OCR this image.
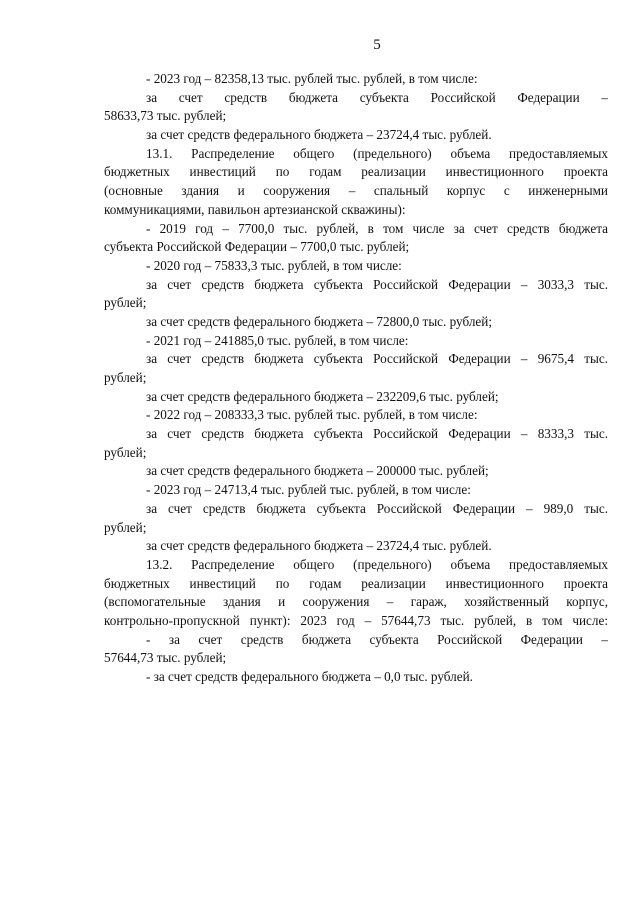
5
- 2023 год – 82358,13 тыс. рублей тыс. рублей, в том числе:
за счет средств бюджета субъекта Российской Федерации –
58633,73 тыс. рублей;
за счет средств федерального бюджета – 23724,4 тыс. рублей.
13.1. Распределение общего (предельного) объема предоставляемых
бюджетных инвестиций по годам реализации инвестиционного проекта
(основные здания и сооружения – спальный корпус с инженерными
коммуникациями, павильон артезианской скважины):
- 2019 год – 7700,0 тыс. рублей, в том числе за счет средств бюджета
субъекта Российской Федерации – 7700,0 тыс. рублей;
- 2020 год – 75833,3 тыс. рублей, в том числе:
за счет средств бюджета субъекта Российской Федерации – 3033,3 тыс.
рублей;
за счет средств федерального бюджета – 72800,0 тыс. рублей;
- 2021 год – 241885,0 тыс. рублей, в том числе:
за счет средств бюджета субъекта Российской Федерации – 9675,4 тыс.
рублей;
за счет средств федерального бюджета – 232209,6 тыс. рублей;
- 2022 год – 208333,3 тыс. рублей тыс. рублей, в том числе:
за счет средств бюджета субъекта Российской Федерации – 8333,3 тыс.
рублей;
за счет средств федерального бюджета – 200000 тыс. рублей;
- 2023 год – 24713,4 тыс. рублей тыс. рублей, в том числе:
за счет средств бюджета субъекта Российской Федерации – 989,0 тыс.
рублей;
за счет средств федерального бюджета – 23724,4 тыс. рублей.
13.2. Распределение общего (предельного) объема предоставляемых
бюджетных инвестиций по годам реализации инвестиционного проекта
(вспомогательные здания и сооружения – гараж, хозяйственный корпус,
контрольно-пропускной пункт): 2023 год – 57644,73 тыс. рублей, в том числе:
- за счет средств бюджета субъекта Российской Федерации –
57644,73 тыс. рублей;
- за счет средств федерального бюджета – 0,0 тыс. рублей.
